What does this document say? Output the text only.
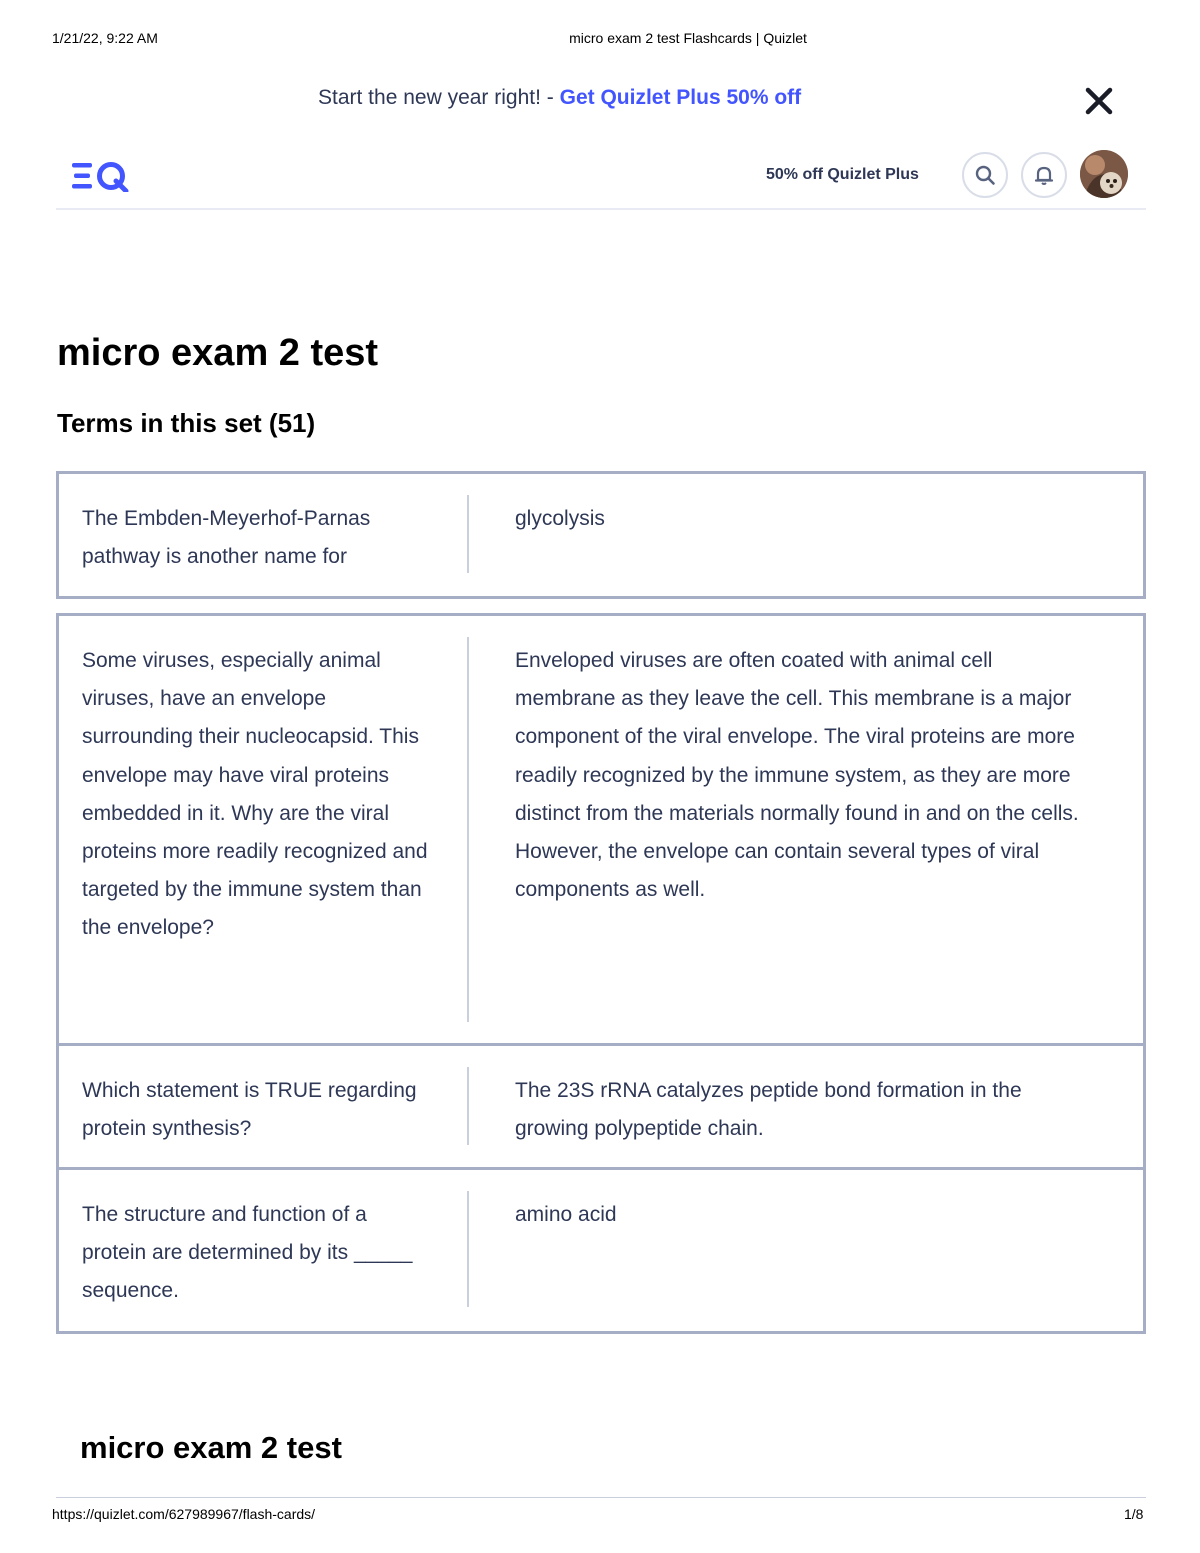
1/21/22, 9:22 AM	micro exam 2 test Flashcards | Quizlet
Start the new year right! - Get Quizlet Plus 50% off
50% off Quizlet Plus
micro exam 2 test
Terms in this set (51)
The Embden-Meyerhof-Parnas pathway is another name for
glycolysis
Some viruses, especially animal viruses, have an envelope surrounding their nucleocapsid. This envelope may have viral proteins embedded in it. Why are the viral proteins more readily recognized and targeted by the immune system than the envelope?
Enveloped viruses are often coated with animal cell membrane as they leave the cell. This membrane is a major component of the viral envelope. The viral proteins are more readily recognized by the immune system, as they are more distinct from the materials normally found in and on the cells. However, the envelope can contain several types of viral components as well.
Which statement is TRUE regarding protein synthesis?
The 23S rRNA catalyzes peptide bond formation in the growing polypeptide chain.
The structure and function of a protein are determined by its _____ sequence.
amino acid
micro exam 2 test
https://quizlet.com/627989967/flash-cards/	1/8
